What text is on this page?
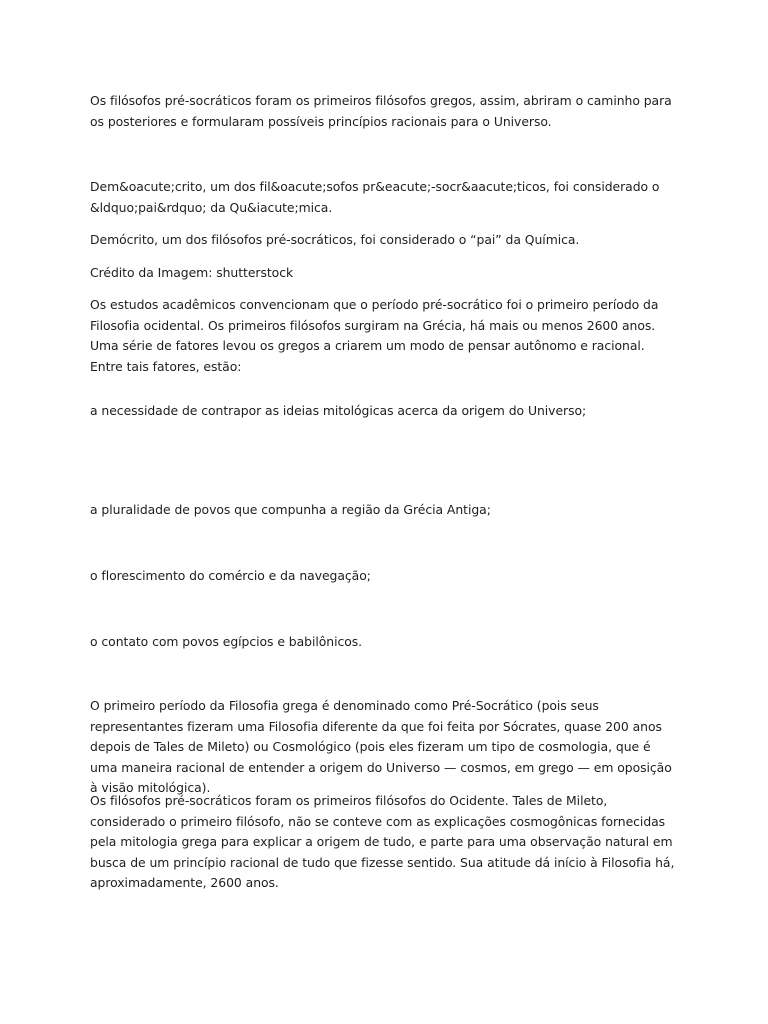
Os filósofos pré-socráticos foram os primeiros filósofos gregos, assim, abriram o caminho para os posteriores e formularam possíveis princípios racionais para o Universo.

Dem&oacute;crito, um dos fil&oacute;sofos pr&eacute;-socr&aacute;ticos, foi considerado o &ldquo;pai&rdquo; da Qu&iacute;mica.

Demócrito, um dos filósofos pré-socráticos, foi considerado o “pai” da Química.

Crédito da Imagem: shutterstock

Os estudos acadêmicos convencionam que o período pré-socrático foi o primeiro período da Filosofia ocidental. Os primeiros filósofos surgiram na Grécia, há mais ou menos 2600 anos. Uma série de fatores levou os gregos a criarem um modo de pensar autônomo e racional. Entre tais fatores, estão:

a necessidade de contrapor as ideias mitológicas acerca da origem do Universo;

a pluralidade de povos que compunha a região da Grécia Antiga;

o florescimento do comércio e da navegação;

o contato com povos egípcios e babilônicos.

O primeiro período da Filosofia grega é denominado como Pré-Socrático (pois seus representantes fizeram uma Filosofia diferente da que foi feita por Sócrates, quase 200 anos depois de Tales de Mileto) ou Cosmológico (pois eles fizeram um tipo de cosmologia, que é uma maneira racional de entender a origem do Universo — cosmos, em grego — em oposição à visão mitológica).

Os filósofos pré-socráticos foram os primeiros filósofos do Ocidente. Tales de Mileto, considerado o primeiro filósofo, não se conteve com as explicações cosmogônicas fornecidas pela mitologia grega para explicar a origem de tudo, e parte para uma observação natural em busca de um princípio racional de tudo que fizesse sentido. Sua atitude dá início à Filosofia há, aproximadamente, 2600 anos.
